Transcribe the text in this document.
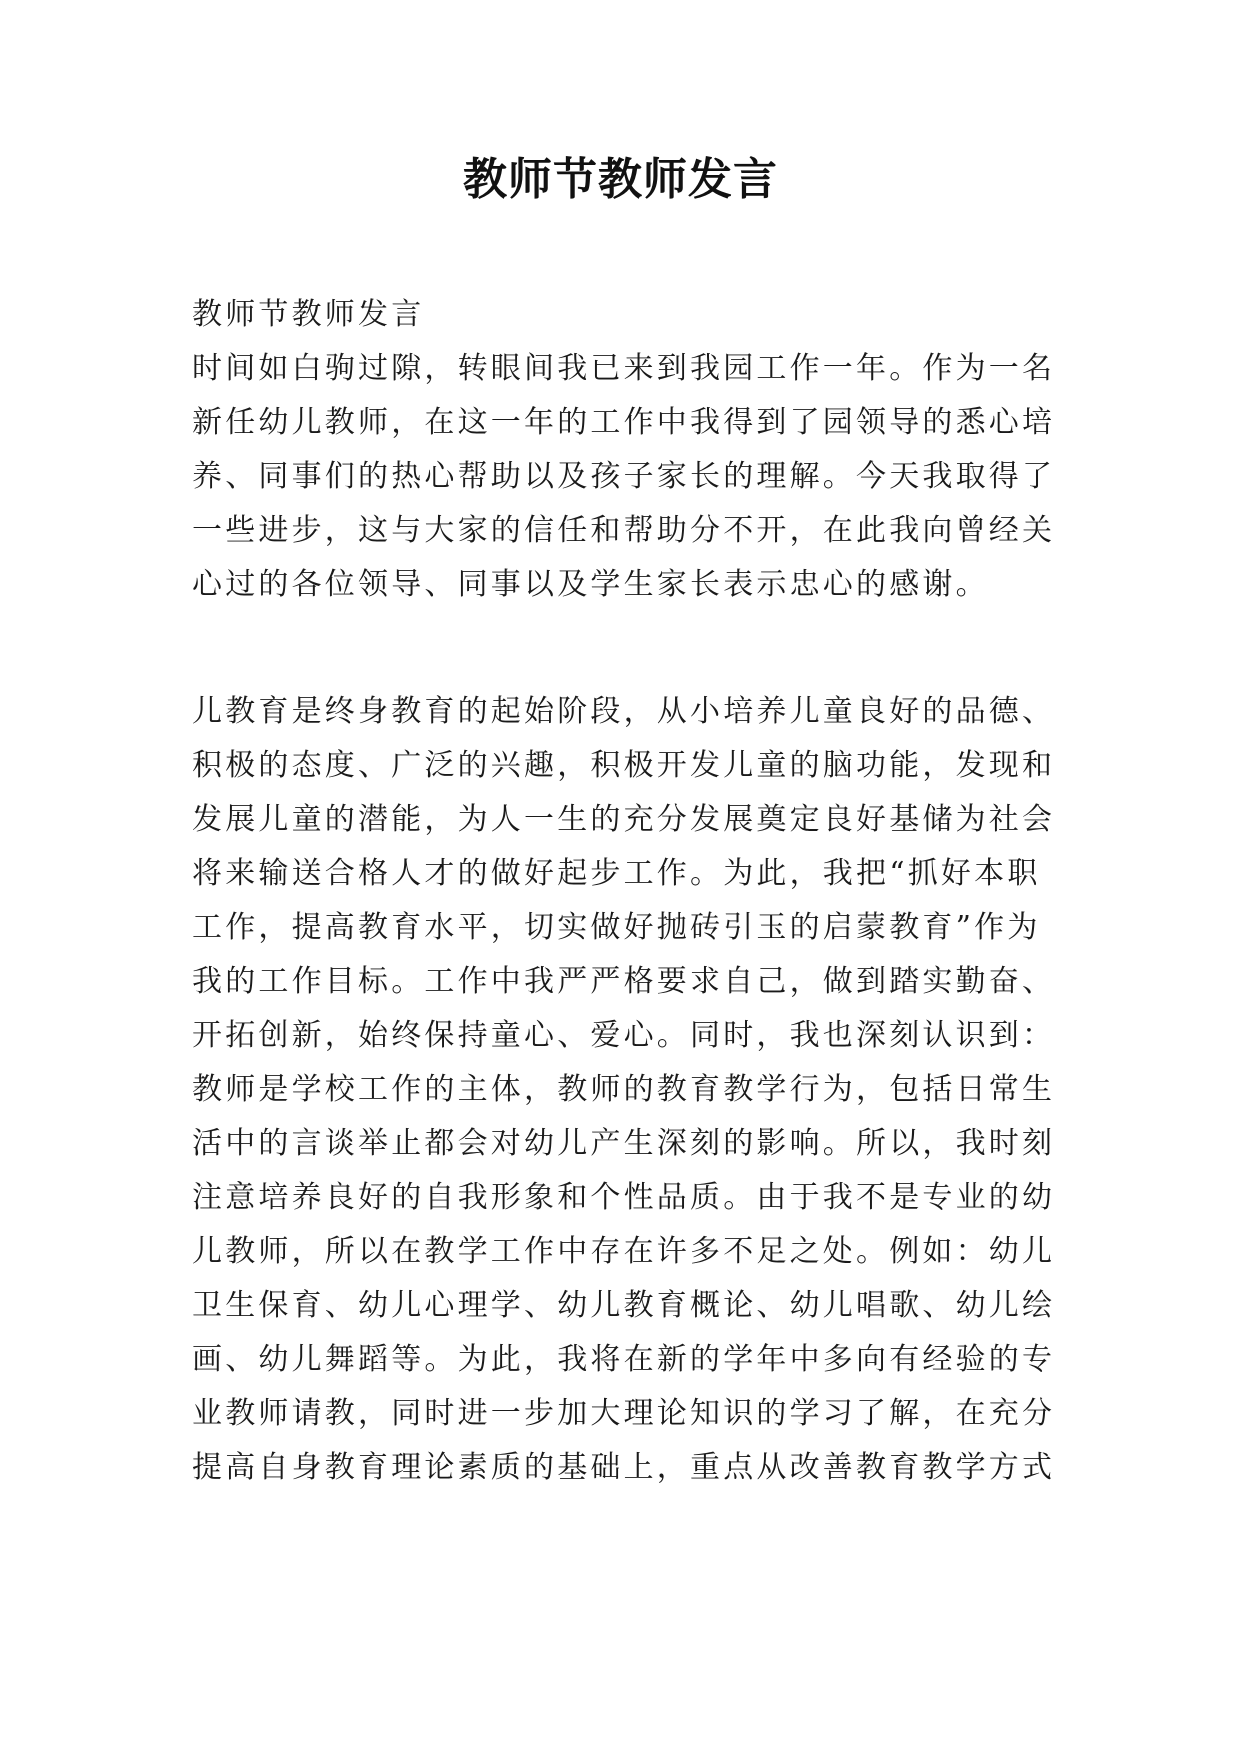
教师节教师发言
教师节教师发言
时间如白驹过隙，转眼间我已来到我园工作一年。作为一名
新任幼儿教师，在这一年的工作中我得到了园领导的悉心培
养、同事们的热心帮助以及孩子家长的理解。今天我取得了
一些进步，这与大家的信任和帮助分不开，在此我向曾经关
心过的各位领导、同事以及学生家长表示忠心的感谢。
儿教育是终身教育的起始阶段，从小培养儿童良好的品德、
积极的态度、广泛的兴趣，积极开发儿童的脑功能，发现和
发展儿童的潜能，为人一生的充分发展奠定良好基储为社会
将来输送合格人才的做好起步工作。为此，我把“抓好本职
工作，提高教育水平，切实做好抛砖引玉的启蒙教育”作为
我的工作目标。工作中我严严格要求自己，做到踏实勤奋、
开拓创新，始终保持童心、爱心。同时，我也深刻认识到：
教师是学校工作的主体，教师的教育教学行为，包括日常生
活中的言谈举止都会对幼儿产生深刻的影响。所以，我时刻
注意培养良好的自我形象和个性品质。由于我不是专业的幼
儿教师，所以在教学工作中存在许多不足之处。例如：幼儿
卫生保育、幼儿心理学、幼儿教育概论、幼儿唱歌、幼儿绘
画、幼儿舞蹈等。为此，我将在新的学年中多向有经验的专
业教师请教，同时进一步加大理论知识的学习了解，在充分
提高自身教育理论素质的基础上，重点从改善教育教学方式
